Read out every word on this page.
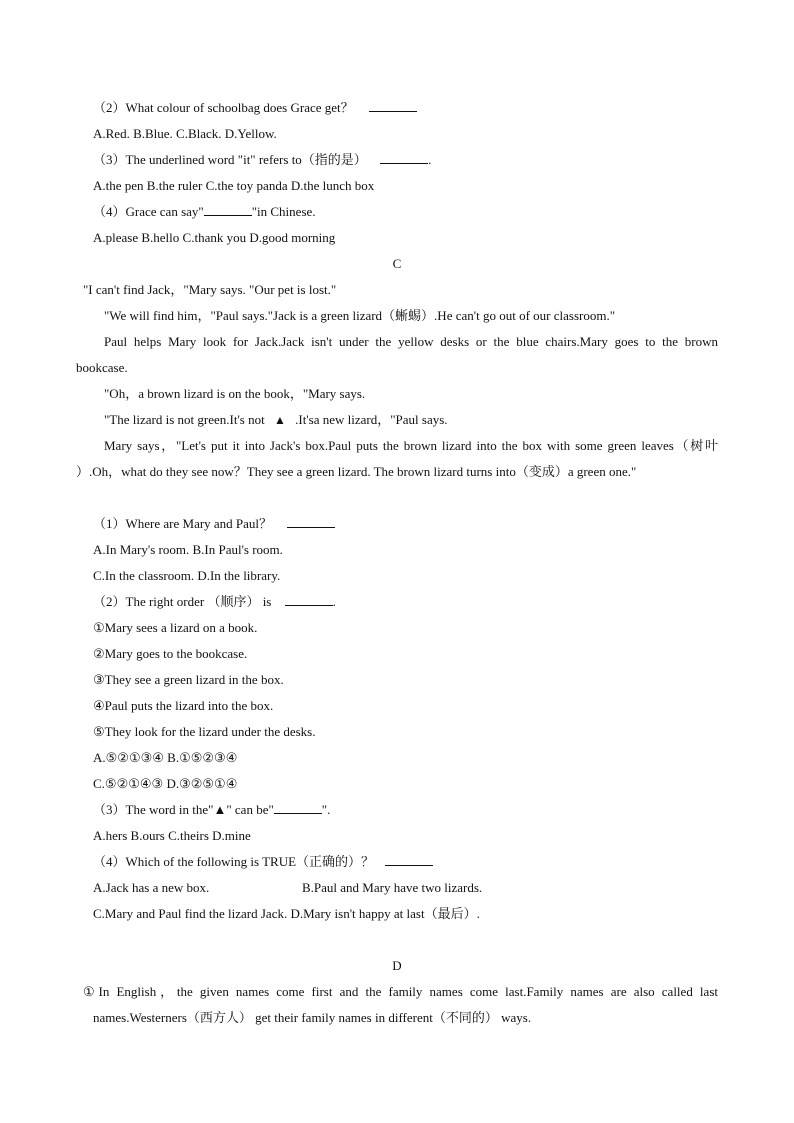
（2）What colour of schoolbag does Grace get？
A.Red. B.Blue. C.Black. D.Yellow.
（3）The underlined word "it" refers to（指的是）	.
A.the pen B.the ruler C.the toy panda D.the lunch box
（4）Grace can say"	"in Chinese.
A.please B.hello C.thank you D.good morning
C
"I can't find Jack，"Mary says. "Our pet is lost."
"We will find him，"Paul says."Jack is a green lizard（蜥蜴）.He can't go out of our classroom."
Paul helps Mary look for Jack.Jack isn't under the yellow desks or the blue chairs.Mary goes to the brown
bookcase.
"Oh，a brown lizard is on the book，"Mary says.
"The lizard is not green.It's not ▲ .It'sa new lizard，"Paul says.
Mary says，"Let's put it into Jack's box.Paul puts the brown lizard into the box with some green leaves（树叶
）.Oh，what do they see now？They see a green lizard. The brown lizard turns into（变成）a green one."
（1）Where are Mary and Paul？
A.In Mary's room. B.In Paul's room.
C.In the classroom. D.In the library.
（2）The right order （顺序） is	.
①Mary sees a lizard on a book.
②Mary goes to the bookcase.
③They see a green lizard in the box.
④Paul puts the lizard into the box.
⑤They look for the lizard under the desks.
A.⑤②①③④ B.①⑤②③④
C.⑤②①④③ D.③②⑤①④
（3）The word in the"▲" can be"	".
A.hers B.ours C.theirs D.mine
（4）Which of the following is TRUE（正确的）？
A.Jack has a new box.	B.Paul and Mary have two lizards.
C.Mary and Paul find the lizard Jack. D.Mary isn't happy at last（最后）.
D
①In English，the given names come first and the family names come last.Family names are also called last
names.Westerners（西方人） get their family names in different（不同的） ways.
